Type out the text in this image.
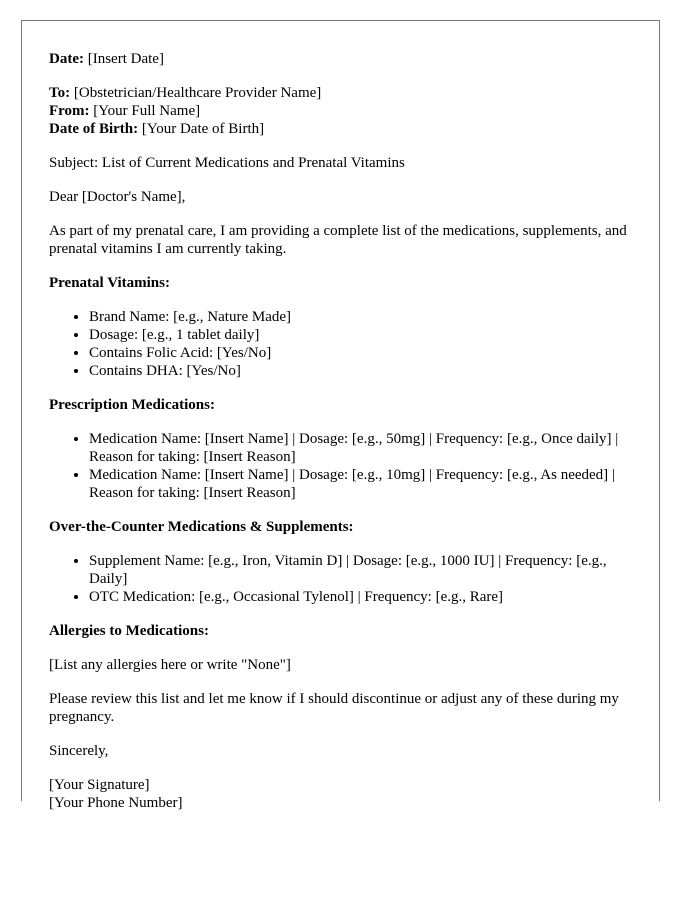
Date: [Insert Date]
To: [Obstetrician/Healthcare Provider Name]
From: [Your Full Name]
Date of Birth: [Your Date of Birth]

Subject: List of Current Medications and Prenatal Vitamins

Dear [Doctor's Name],

As part of my prenatal care, I am providing a complete list of the medications, supplements, and prenatal vitamins I am currently taking.

Prenatal Vitamins:
• Brand Name: [e.g., Nature Made]
• Dosage: [e.g., 1 tablet daily]
• Contains Folic Acid: [Yes/No]
• Contains DHA: [Yes/No]
Prescription Medications:
• Medication Name: [Insert Name] | Dosage: [e.g., 50mg] | Frequency: [e.g., Once daily] | Reason for taking: [Insert Reason]
• Medication Name: [Insert Name] | Dosage: [e.g., 10mg] | Frequency: [e.g., As needed] | Reason for taking: [Insert Reason]
Over-the-Counter Medications & Supplements:
• Supplement Name: [e.g., Iron, Vitamin D] | Dosage: [e.g., 1000 IU] | Frequency: [e.g., Daily]
• OTC Medication: [e.g., Occasional Tylenol] | Frequency: [e.g., Rare]
Allergies to Medications:

[List any allergies here or write "None"]

Please review this list and let me know if I should discontinue or adjust any of these during my pregnancy.

Sincerely,

[Your Signature]
[Your Phone Number]
